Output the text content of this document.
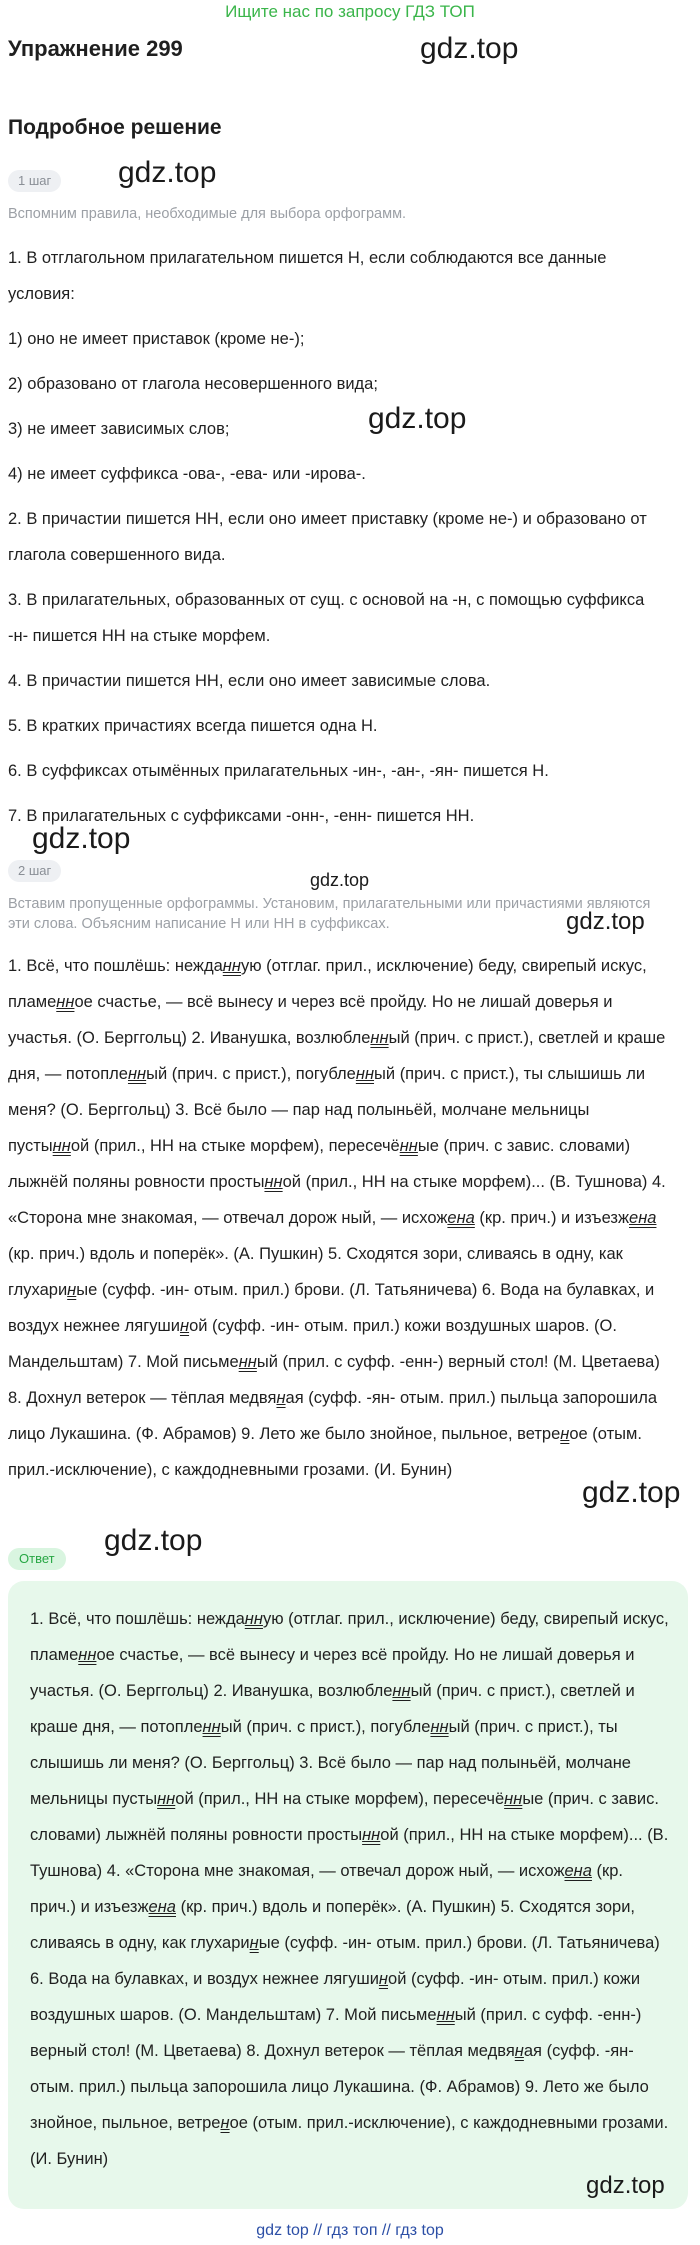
Ищите нас по запросу ГДЗ ТОП
Упражнение 299	gdz.top
Подробное решение
1 шаг	gdz.top
Вспомним правила, необходимые для выбора орфограмм.
1. В отглагольном прилагательном пишется Н, если соблюдаются все данные условия:
1) оно не имеет приставок (кроме не-);
2) образовано от глагола несовершенного вида;
3) не имеет зависимых слов;
4) не имеет суффикса -ова-, -ева- или -ирова-.
2. В причастии пишется НН, если оно имеет приставку (кроме не-) и образовано от глагола совершенного вида.
3. В прилагательных, образованных от сущ. с основой на -н, с помощью суффикса -н- пишется НН на стыке морфем.
4. В причастии пишется НН, если оно имеет зависимые слова.
5. В кратких причастиях всегда пишется одна Н.
6. В суффиксах отымённых прилагательных -ин-, -ан-, -ян- пишется Н.
7. В прилагательных с суффиксами -онн-, -енн- пишется НН.
gdz.top
gdz.top
2 шаг	gdz.top
Вставим пропущенные орфограммы. Установим, прилагательными или причастиями являются эти слова. Объясним написание Н или НН в суффиксах.	gdz.top

1. Всё, что пошлёшь: нежданную (отглаг. прил., исключение) беду, свирепый искус, пламенное счастье, — всё вынесу и через всё пройду. Но не лишай доверья и участья. (О. Берггольц) 2. Иванушка, возлюбленный (прич. с прист.), светлей и краше дня, — потопленный (прич. с прист.), погубленный (прич. с прист.), ты слышишь ли меня? (О. Берггольц) 3. Всё было — пар над полыньёй, молчане мельницы пустынной (прил., НН на стыке морфем), пересечённые (прич. с завис. словами) лыжнёй поляны ровности простынной (прил., НН на стыке морфем)... (В. Тушнова) 4. «Сторона мне знакомая, — отвечал дорож ный, — исхожена (кр. прич.) и изъезжена (кр. прич.) вдоль и поперёк». (А. Пушкин) 5. Сходятся зори, сливаясь в одну, как глухариные (суфф. -ин- отым. прил.) брови. (Л. Татьяничева) 6. Вода на булавках, и воздух нежнее лягушиной (суфф. -ин- отым. прил.) кожи воздушных шаров. (О. Мандельштам) 7. Мой письменный (прил. с суфф. -енн-) верный стол! (М. Цветаева) 8. Дохнул ветерок — тёплая медвяная (суфф. -ян- отым. прил.) пыльца запорошила лицо Лукашина. (Ф. Абрамов) 9. Лето же было знойное, пыльное, ветреное (отым. прил.-исключение), с каждодневными грозами. (И. Бунин)

gdz.top
Ответ
gdz.top

1. Всё, что пошлёшь: нежданную (отглаг. прил., исключение) беду, свирепый искус, пламенное счастье, — всё вынесу и через всё пройду. Но не лишай доверья и участья. (О. Берггольц) 2. Иванушка, возлюбленный (прич. с прист.), светлей и краше дня, — потопленный (прич. с прист.), погубленный (прич. с прист.), ты слышишь ли меня? (О. Берггольц) 3. Всё было — пар над полыньёй, молчане мельницы пустынной (прил., НН на стыке морфем), пересечённые (прич. с завис. словами) лыжнёй поляны ровности простынной (прил., НН на стыке морфем)... (В. Тушнова) 4. «Сторона мне знакомая, — отвечал дорож ный, — исхожена (кр. прич.) и изъезжена (кр. прич.) вдоль и поперёк». (А. Пушкин) 5. Сходятся зори, сливаясь в одну, как глухариные (суфф. -ин- отым. прил.) брови. (Л. Татьяничева) 6. Вода на булавках, и воздух нежнее лягушиной (суфф. -ин- отым. прил.) кожи воздушных шаров. (О. Мандельштам) 7. Мой письменный (прил. с суфф. -енн-) верный стол! (М. Цветаева) 8. Дохнул ветерок — тёплая медвяная (суфф. -ян- отым. прил.) пыльца запорошила лицо Лукашина. (Ф. Абрамов) 9. Лето же было знойное, пыльное, ветреное (отым. прил.-исключение), с каждодневными грозами. (И. Бунин)

gdz.top
gdz top // гдз топ // гдз top
